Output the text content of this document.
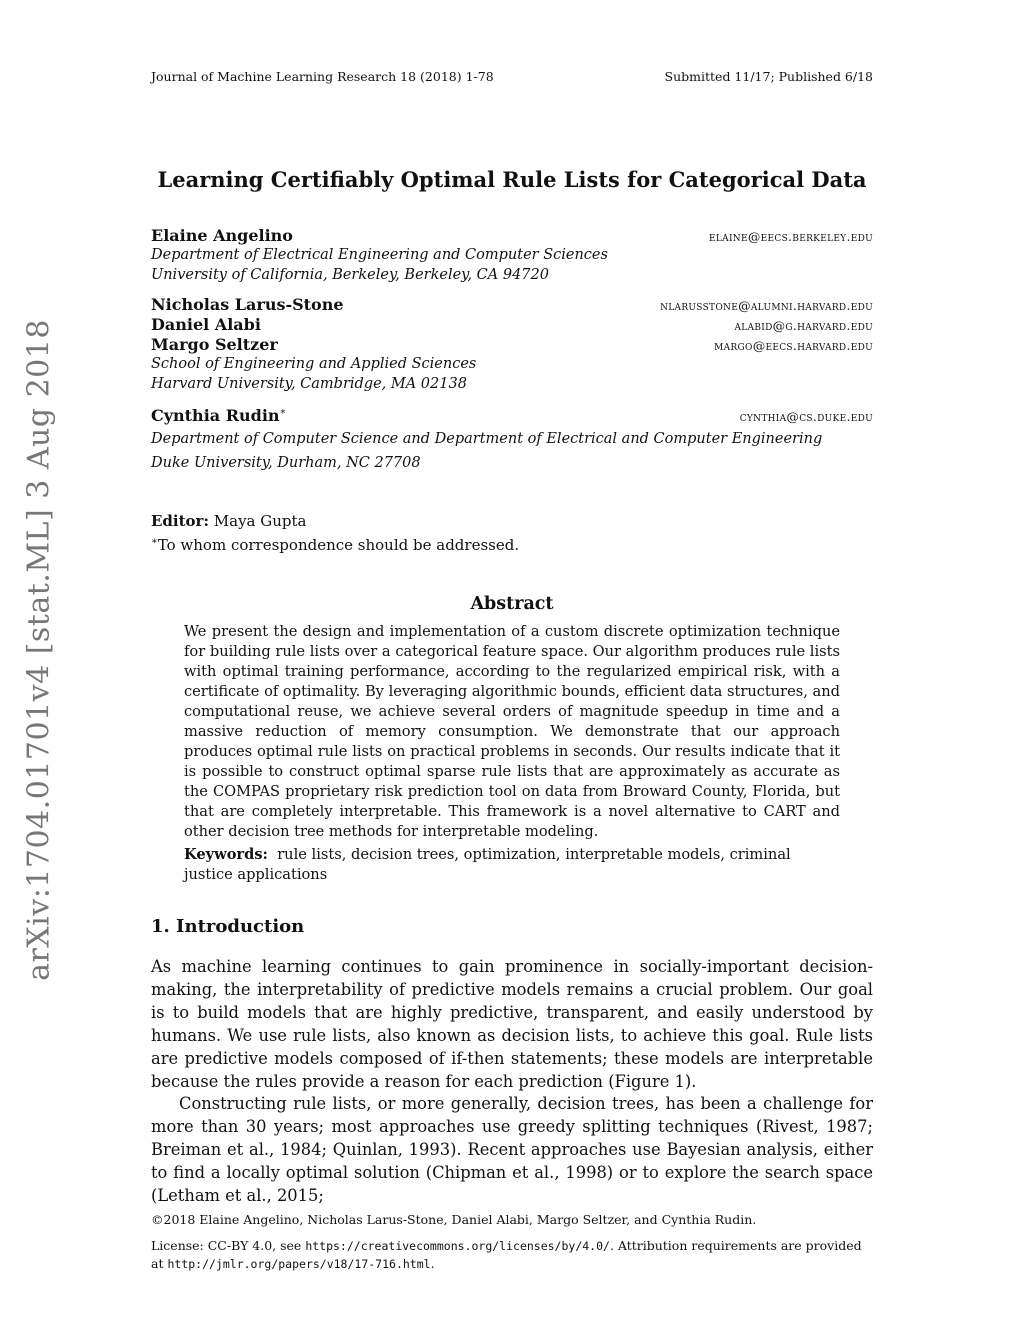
Journal of Machine Learning Research 18 (2018) 1-78	Submitted 11/17; Published 6/18
arXiv:1704.01701v4 [stat.ML] 3 Aug 2018
Learning Certifiably Optimal Rule Lists for Categorical Data
Elaine Angelino	elaine@eecs.berkeley.edu
Department of Electrical Engineering and Computer Sciences
University of California, Berkeley, Berkeley, CA 94720
Nicholas Larus-Stone	nlarusstone@alumni.harvard.edu
Daniel Alabi	alabid@g.harvard.edu
Margo Seltzer	margo@eecs.harvard.edu
School of Engineering and Applied Sciences
Harvard University, Cambridge, MA 02138
Cynthia Rudin∗	cynthia@cs.duke.edu
Department of Computer Science and Department of Electrical and Computer Engineering
Duke University, Durham, NC 27708
Editor: Maya Gupta
∗To whom correspondence should be addressed.
Abstract
We present the design and implementation of a custom discrete optimization technique for building rule lists over a categorical feature space. Our algorithm produces rule lists with optimal training performance, according to the regularized empirical risk, with a certificate of optimality. By leveraging algorithmic bounds, efficient data structures, and computational reuse, we achieve several orders of magnitude speedup in time and a massive reduction of memory consumption. We demonstrate that our approach produces optimal rule lists on practical problems in seconds. Our results indicate that it is possible to construct optimal sparse rule lists that are approximately as accurate as the COMPAS proprietary risk prediction tool on data from Broward County, Florida, but that are completely interpretable. This framework is a novel alternative to CART and other decision tree methods for interpretable modeling.
Keywords: rule lists, decision trees, optimization, interpretable models, criminal justice applications
1. Introduction
As machine learning continues to gain prominence in socially-important decision-making, the interpretability of predictive models remains a crucial problem. Our goal is to build models that are highly predictive, transparent, and easily understood by humans. We use rule lists, also known as decision lists, to achieve this goal. Rule lists are predictive models composed of if-then statements; these models are interpretable because the rules provide a reason for each prediction (Figure 1).
Constructing rule lists, or more generally, decision trees, has been a challenge for more than 30 years; most approaches use greedy splitting techniques (Rivest, 1987; Breiman et al., 1984; Quinlan, 1993). Recent approaches use Bayesian analysis, either to find a locally optimal solution (Chipman et al., 1998) or to explore the search space (Letham et al., 2015;
©2018 Elaine Angelino, Nicholas Larus-Stone, Daniel Alabi, Margo Seltzer, and Cynthia Rudin.
License: CC-BY 4.0, see https://creativecommons.org/licenses/by/4.0/. Attribution requirements are provided at http://jmlr.org/papers/v18/17-716.html.
